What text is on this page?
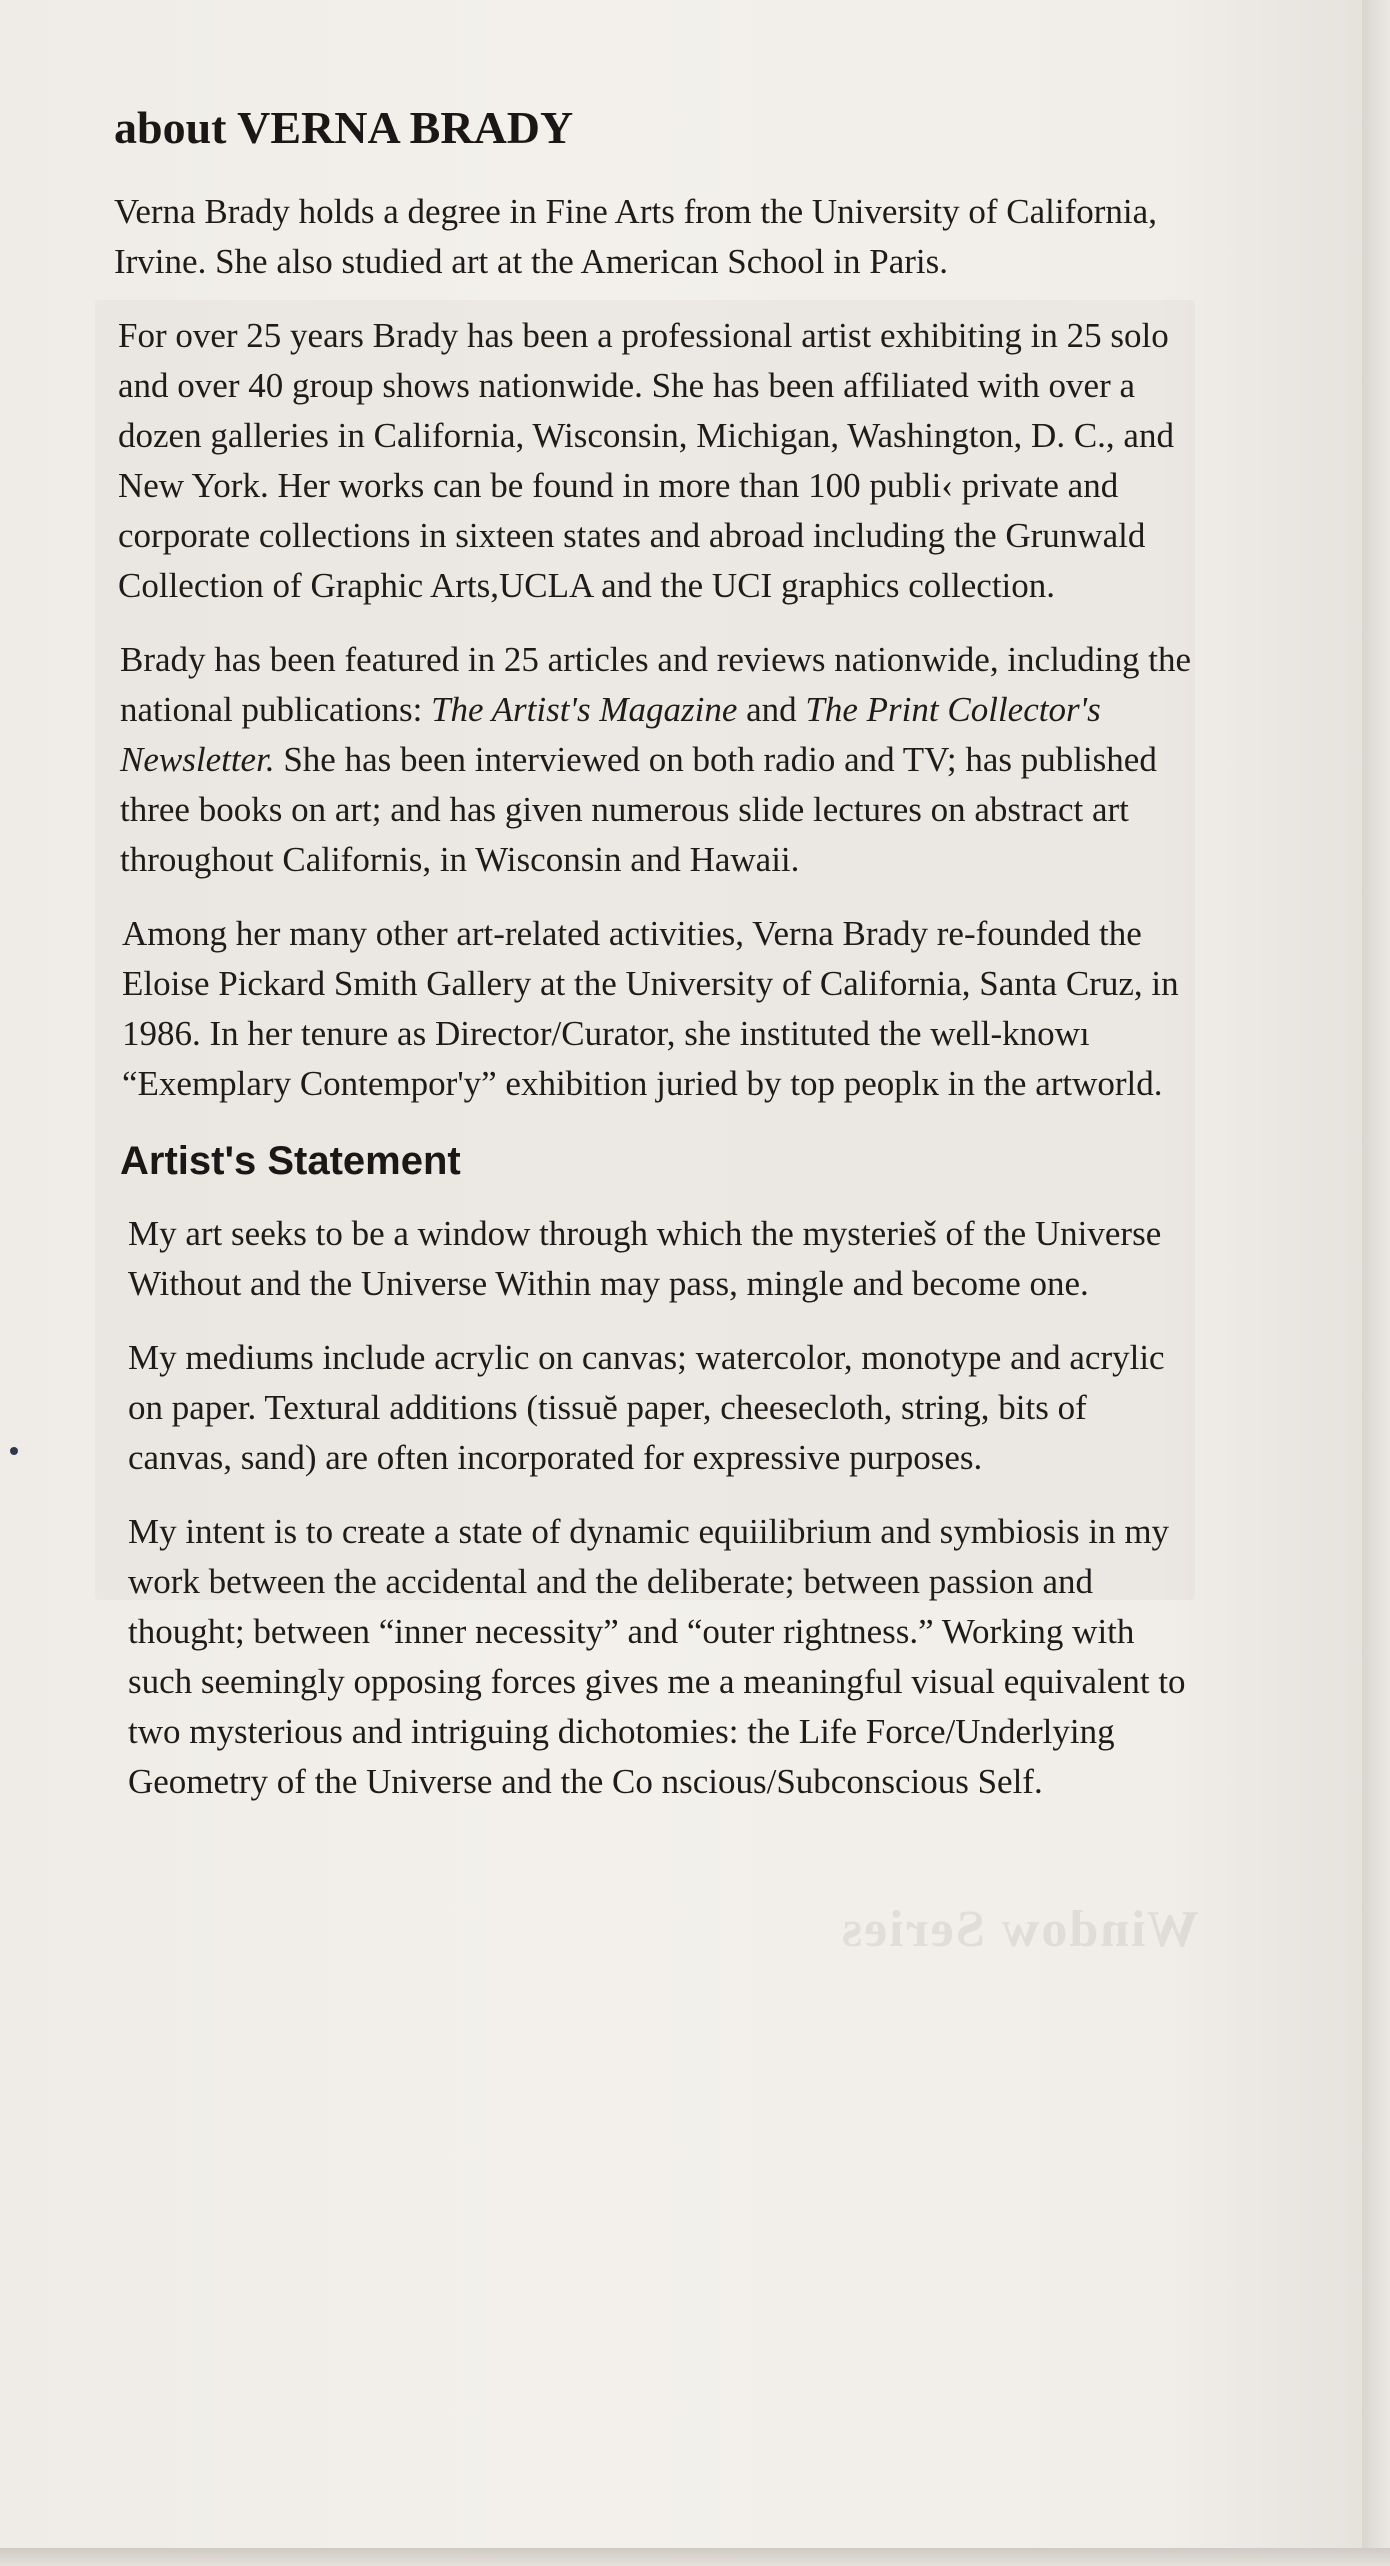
Window Series
about VERNA BRADY

Verna Brady holds a degree in Fine Arts from the University of California, Irvine. She also studied art at the American School in Paris.

For over 25 years Brady has been a professional artist exhibiting in 25 solo and over 40 group shows nationwide. She has been affiliated with over a dozen galleries in California, Wisconsin, Michigan, Washington, D. C., and New York. Her works can be found in more than 100 publi‹ private and corporate collections in sixteen states and abroad including the Grunwald Collection of Graphic Arts,UCLA and the UCI graphics collection.

Brady has been featured in 25 articles and reviews nationwide, including the national publications: The Artist's Magazine and The Print Collector's Newsletter. She has been interviewed on both radio and TV; has published three books on art; and has given numerous slide lectures on abstract art throughout Californis, in Wisconsin and Hawaii.

Among her many other art-related activities, Verna Brady re-founded the Eloise Pickard Smith Gallery at the University of California, Santa Cruz, in 1986. In her tenure as Director/Curator, she instituted the well-knowı “Exemplary Contempor'y” exhibition juried by top peoplĸ in the artworld.

Artist's Statement

My art seeks to be a window through which the mysterieš of the Universe Without and the Universe Within may pass, mingle and become one.

My mediums include acrylic on canvas; watercolor, monotype and acrylic on paper. Textural additions (tissuĕ paper, cheesecloth, string, bits of canvas, sand) are often incorporated for expressive purposes.

My intent is to create a state of dynamic equiilibrium and symbiosis in my work between the accidental and the deliberate; between passion and thought; between “inner necessity” and “outer rightness.” Working with such seemingly opposing forces gives me a meaningful visual equivalent to two mysterious and intriguing dichotomies: the Life Force/Underlying Geometry of the Universe and the Co nscious/Subconscious Self.
